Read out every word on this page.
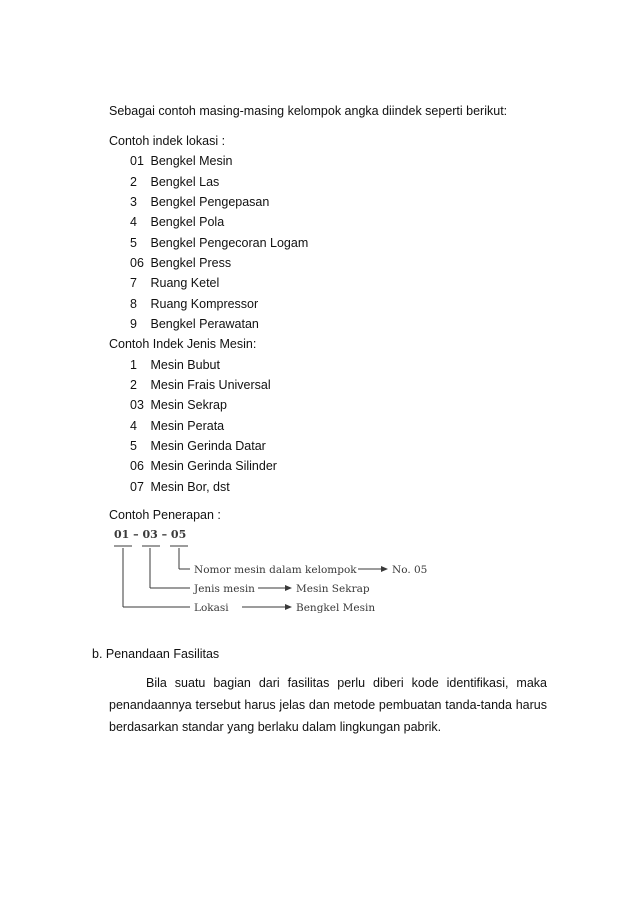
Sebagai contoh masing-masing kelompok angka diindek seperti berikut:
Contoh indek lokasi :
01 Bengkel Mesin
2 Bengkel Las
3 Bengkel Pengepasan
4 Bengkel Pola
5 Bengkel Pengecoran Logam
06 Bengkel Press
7 Ruang Ketel
8 Ruang Kompressor
9 Bengkel Perawatan
Contoh Indek Jenis Mesin:
1 Mesin Bubut
2 Mesin Frais Universal
03 Mesin Sekrap
4 Mesin Perata
5 Mesin Gerinda Datar
06 Mesin Gerinda Silinder
07 Mesin Bor, dst
Contoh Penerapan :
01 – 03 – 05
Nomor mesin dalam kelompok	No. 05
Jenis mesin	Mesin Sekrap
Lokasi	Bengkel Mesin
b. Penandaan Fasilitas
Bila suatu bagian dari fasilitas perlu diberi kode identifikasi, maka
penandaannya tersebut harus jelas dan metode pembuatan tanda-tanda harus
berdasarkan standar yang berlaku dalam lingkungan pabrik.
